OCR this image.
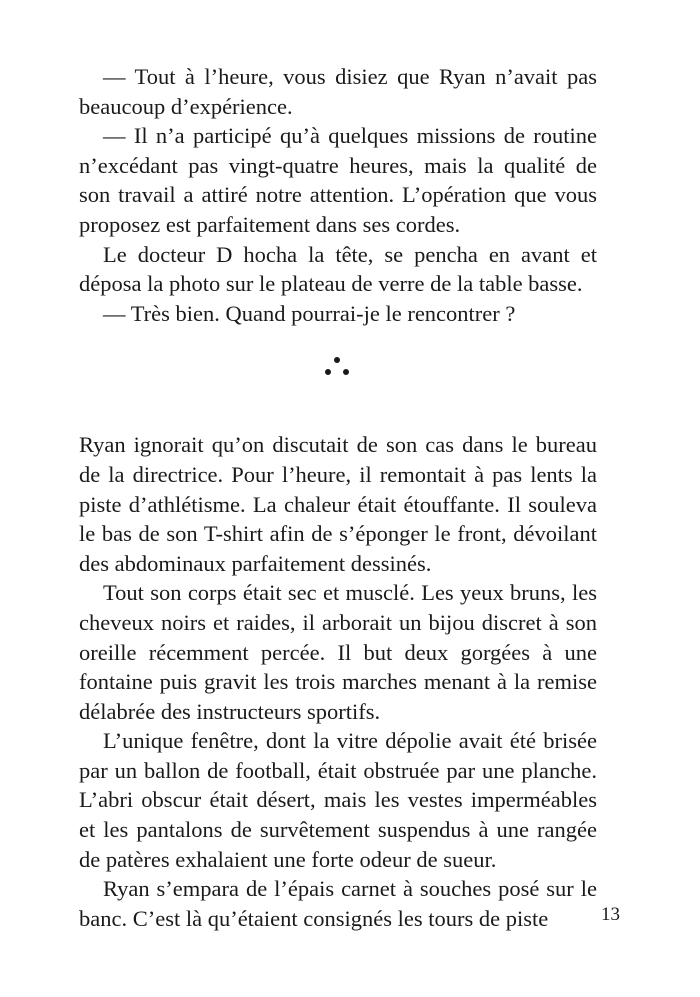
— Tout à l’heure, vous disiez que Ryan n’avait pas beaucoup d’expérience.

— Il n’a participé qu’à quelques missions de routine n’excédant pas vingt-quatre heures, mais la qualité de son travail a attiré notre attention. L’opération que vous proposez est parfaitement dans ses cordes.

Le docteur D hocha la tête, se pencha en avant et déposa la photo sur le plateau de verre de la table basse.

— Très bien. Quand pourrai-je le rencontrer ?

Ryan ignorait qu’on discutait de son cas dans le bureau de la directrice. Pour l’heure, il remontait à pas lents la piste d’athlétisme. La chaleur était étouffante. Il souleva le bas de son T-shirt afin de s’éponger le front, dévoilant des abdominaux parfaitement dessinés.

Tout son corps était sec et musclé. Les yeux bruns, les cheveux noirs et raides, il arborait un bijou discret à son oreille récemment percée. Il but deux gorgées à une fontaine puis gravit les trois marches menant à la remise délabrée des instructeurs sportifs.

L’unique fenêtre, dont la vitre dépolie avait été brisée par un ballon de football, était obstruée par une planche. L’abri obscur était désert, mais les vestes imperméables et les pantalons de survêtement suspendus à une rangée de patères exhalaient une forte odeur de sueur.

Ryan s’empara de l’épais carnet à souches posé sur le banc. C’est là qu’étaient consignés les tours de piste	13
